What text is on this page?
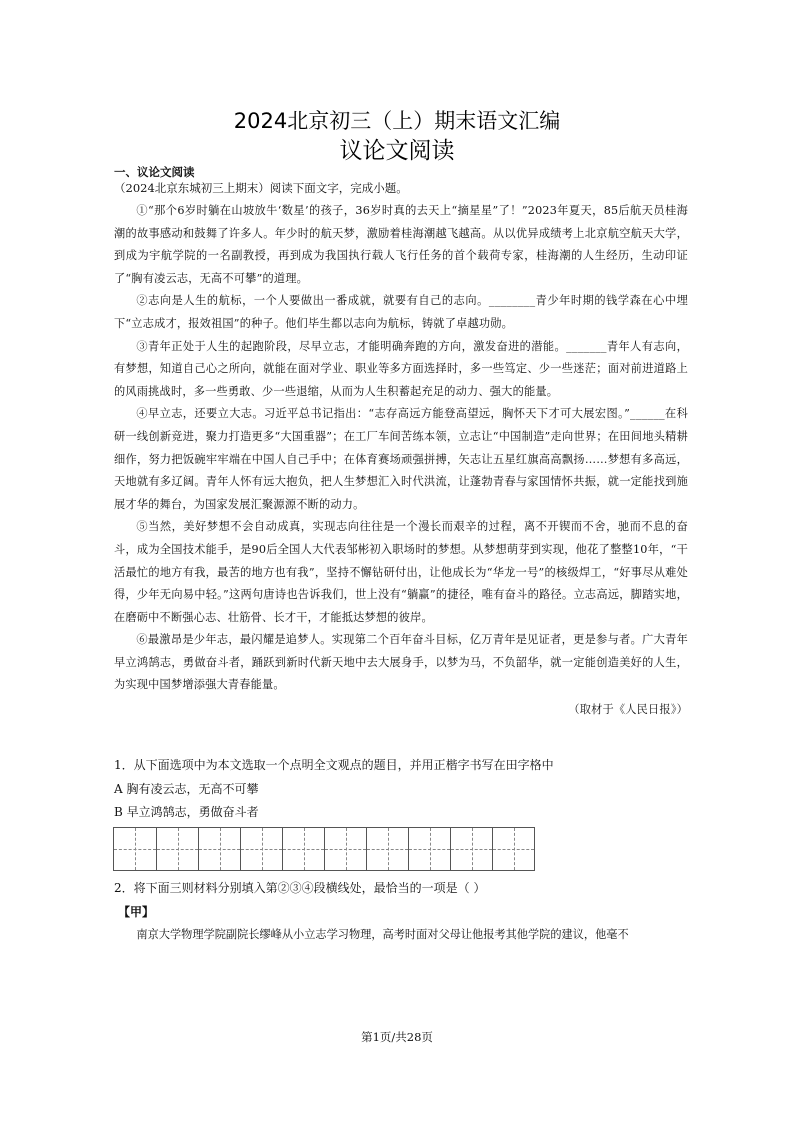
2024北京初三（上）期末语文汇编
议论文阅读
一、议论文阅读
（2024北京东城初三上期末）阅读下面文字，完成小题。

①“那个6岁时躺在山坡放牛‘数星’的孩子，36岁时真的去天上“摘星星”了！”2023年夏天，85后航天员桂海潮的故事感动和鼓舞了许多人。年少时的航天梦，激励着桂海潮越飞越高。从以优异成绩考上北京航空航天大学，到成为宇航学院的一名副教授，再到成为我国执行载人飞行任务的首个载荷专家，桂海潮的人生经历，生动印证了“胸有凌云志，无高不可攀”的道理。

②志向是人生的航标，一个人要做出一番成就，就要有自己的志向。________青少年时期的钱学森在心中埋下“立志成才，报效祖国”的种子。他们毕生都以志向为航标，铸就了卓越功勋。

③青年正处于人生的起跑阶段，尽早立志，才能明确奔跑的方向，激发奋进的潜能。_______青年人有志向，有梦想，知道自己心之所向，就能在面对学业、职业等多方面选择时，多一些笃定、少一些迷茫；面对前进道路上的风雨挑战时，多一些勇敢、少一些退缩，从而为人生积蓄起充足的动力、强大的能量。

④早立志，还要立大志。习近平总书记指出：“志存高远方能登高望远，胸怀天下才可大展宏图。”______在科研一线创新竞进，聚力打造更多“大国重器”；在工厂车间苦练本领，立志让“中国制造”走向世界；在田间地头精耕细作，努力把饭碗牢牢端在中国人自己手中；在体育赛场顽强拼搏，矢志让五星红旗高高飘扬……梦想有多高远，天地就有多辽阔。青年人怀有远大抱负，把人生梦想汇入时代洪流，让蓬勃青春与家国情怀共振，就一定能找到施展才华的舞台，为国家发展汇聚源源不断的动力。

⑤当然，美好梦想不会自动成真，实现志向往往是一个漫长而艰辛的过程，离不开锲而不舍，驰而不息的奋斗，成为全国技术能手，是90后全国人大代表邹彬初入职场时的梦想。从梦想萌芽到实现，他花了整整10年，“干活最忙的地方有我，最苦的地方也有我”，坚持不懈钻研付出，让他成长为“华龙一号”的核级焊工，“好事尽从难处得，少年无向易中轻。”这两句唐诗也告诉我们，世上没有“躺赢”的捷径，唯有奋斗的路径。立志高远，脚踏实地，在磨砺中不断强心志、壮筋骨、长才干，才能抵达梦想的彼岸。

⑥最激昂是少年志，最闪耀是追梦人。实现第二个百年奋斗目标，亿万青年是见证者，更是参与者。广大青年早立鸿鹄志，勇做奋斗者，踊跃到新时代新天地中去大展身手，以梦为马，不负韶华，就一定能创造美好的人生，为实现中国梦增添强大青春能量。

（取材于《人民日报》）
1．从下面选项中为本文选取一个点明全文观点的题目，并用正楷字书写在田字格中
A 胸有凌云志，无高不可攀
B 早立鸿鹄志，勇做奋斗者
2．将下面三则材料分别填入第②③④段横线处，最恰当的一项是（ ）
【甲】
南京大学物理学院副院长缪峰从小立志学习物理，高考时面对父母让他报考其他学院的建议，他毫不
第1页/共28页
